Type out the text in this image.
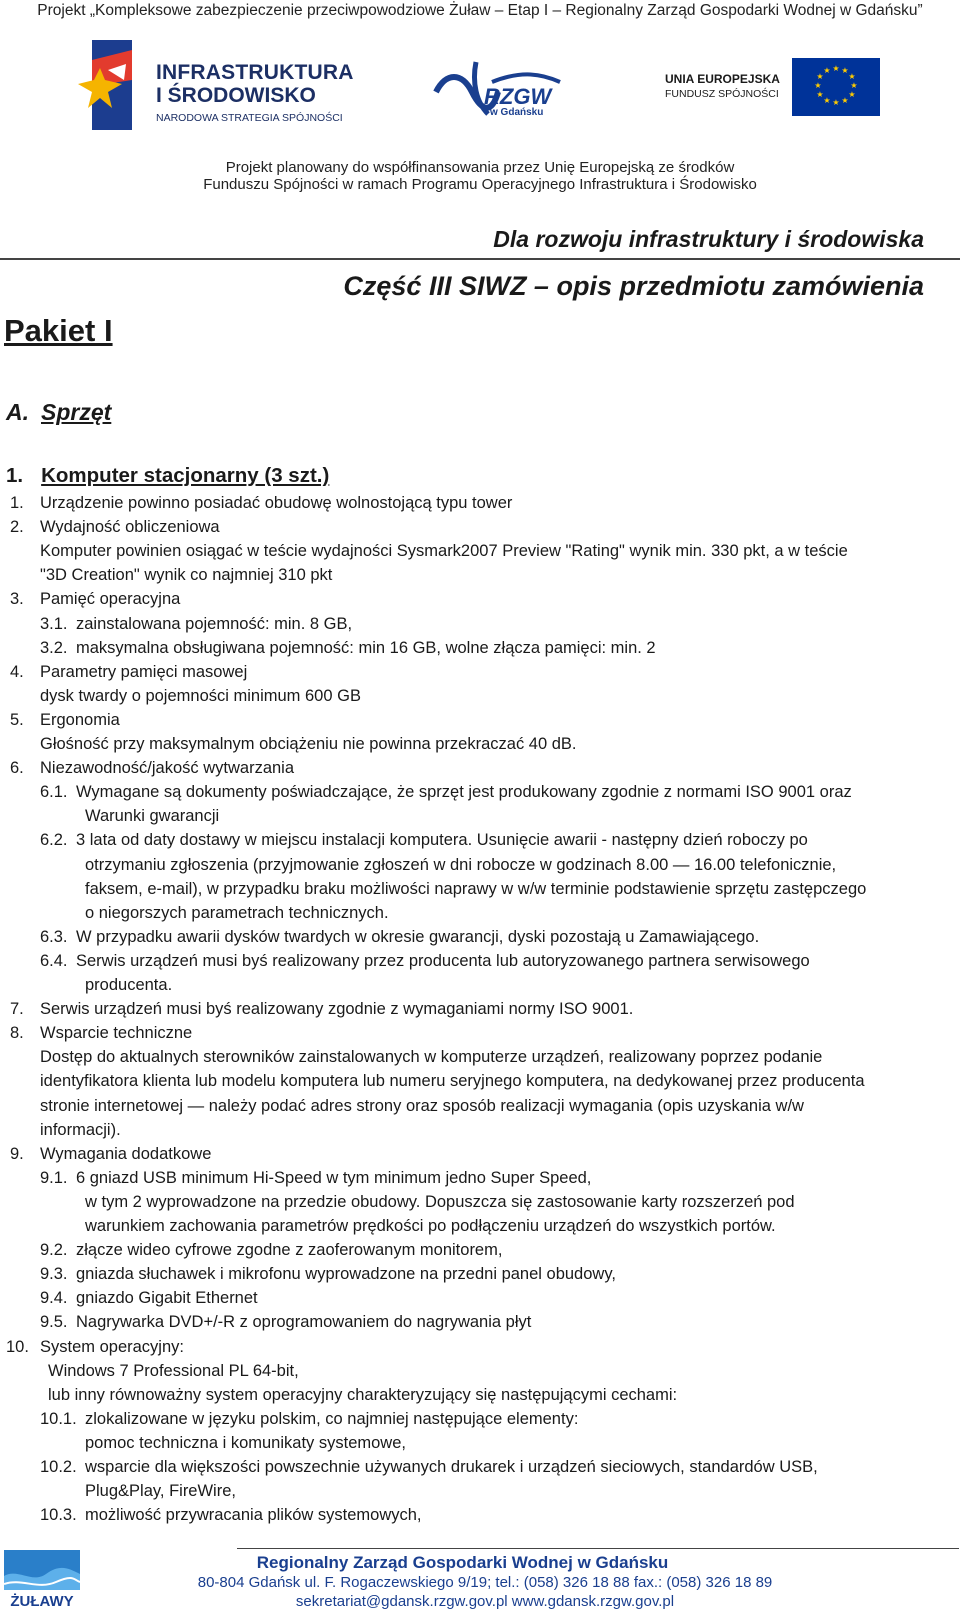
Projekt „Kompleksowe zabezpieczenie przeciwpowodziowe Żuław – Etap I – Regionalny Zarząd Gospodarki Wodnej w Gdańsku”
INFRASTRUKTURA
I ŚRODOWISKO
NARODOWA STRATEGIA SPÓJNOŚCI
RZGW
w Gdańsku
UNIA EUROPEJSKA
FUNDUSZ SPÓJNOŚCI
★ ★
★
★
★
★
★
★
★
★
★
★
Projekt planowany do współfinansowania przez Unię Europejską ze środków
Funduszu Spójności w ramach Programu Operacyjnego Infrastruktura i Środowisko
Dla rozwoju infrastruktury i środowiska
Część III SIWZ – opis przedmiotu zamówienia
Pakiet I
A. Sprzęt
1. Komputer stacjonarny (3 szt.)
1. Urządzenie powinno posiadać obudowę wolnostojącą typu tower
2. Wydajność obliczeniowa
Komputer powinien osiągać w teście wydajności Sysmark2007 Preview "Rating" wynik min. 330 pkt, a w teście
"3D Creation" wynik co najmniej 310 pkt
3. Pamięć operacyjna
3.1. zainstalowana pojemność: min. 8 GB,
3.2. maksymalna obsługiwana pojemność: min 16 GB, wolne złącza pamięci: min. 2
4. Parametry pamięci masowej
dysk twardy o pojemności minimum 600 GB
5. Ergonomia
Głośność przy maksymalnym obciążeniu nie powinna przekraczać 40 dB.
6. Niezawodność/jakość wytwarzania
6.1. Wymagane są dokumenty poświadczające, że sprzęt jest produkowany zgodnie z normami ISO 9001 oraz
Warunki gwarancji
6.2. 3 lata od daty dostawy w miejscu instalacji komputera. Usunięcie awarii - następny dzień roboczy po
otrzymaniu zgłoszenia (przyjmowanie zgłoszeń w dni robocze w godzinach 8.00 — 16.00 telefonicznie,
faksem, e-mail), w przypadku braku możliwości naprawy w w/w terminie podstawienie sprzętu zastępczego
o niegorszych parametrach technicznych.
6.3. W przypadku awarii dysków twardych w okresie gwarancji, dyski pozostają u Zamawiającego.
6.4. Serwis urządzeń musi byś realizowany przez producenta lub autoryzowanego partnera serwisowego
producenta.
7. Serwis urządzeń musi byś realizowany zgodnie z wymaganiami normy ISO 9001.
8. Wsparcie techniczne
Dostęp do aktualnych sterowników zainstalowanych w komputerze urządzeń, realizowany poprzez podanie
identyfikatora klienta lub modelu komputera lub numeru seryjnego komputera, na dedykowanej przez producenta
stronie internetowej — należy podać adres strony oraz sposób realizacji wymagania (opis uzyskania w/w
informacji).
9. Wymagania dodatkowe
9.1. 6 gniazd USB minimum Hi-Speed w tym minimum jedno Super Speed,
w tym 2 wyprowadzone na przedzie obudowy. Dopuszcza się zastosowanie karty rozszerzeń pod
warunkiem zachowania parametrów prędkości po podłączeniu urządzeń do wszystkich portów.
9.2. złącze wideo cyfrowe zgodne z zaoferowanym monitorem,
9.3. gniazda słuchawek i mikrofonu wyprowadzone na przedni panel obudowy,
9.4. gniazdo Gigabit Ethernet
9.5. Nagrywarka DVD+/-R z oprogramowaniem do nagrywania płyt
10. System operacyjny:
Windows 7 Professional PL 64-bit,
lub inny równoważny system operacyjny charakteryzujący się następującymi cechami:
10.1. zlokalizowane w języku polskim, co najmniej następujące elementy:
pomoc techniczna i komunikaty systemowe,
10.2. wsparcie dla większości powszechnie używanych drukarek i urządzeń sieciowych, standardów USB,
Plug&Play, FireWire,
10.3. możliwość przywracania plików systemowych,
ŻUŁAWY
Regionalny Zarząd Gospodarki Wodnej w Gdańsku
80-804 Gdańsk ul. F. Rogaczewskiego 9/19; tel.: (058) 326 18 88 fax.: (058) 326 18 89
sekretariat@gdansk.rzgw.gov.pl www.gdansk.rzgw.gov.pl
